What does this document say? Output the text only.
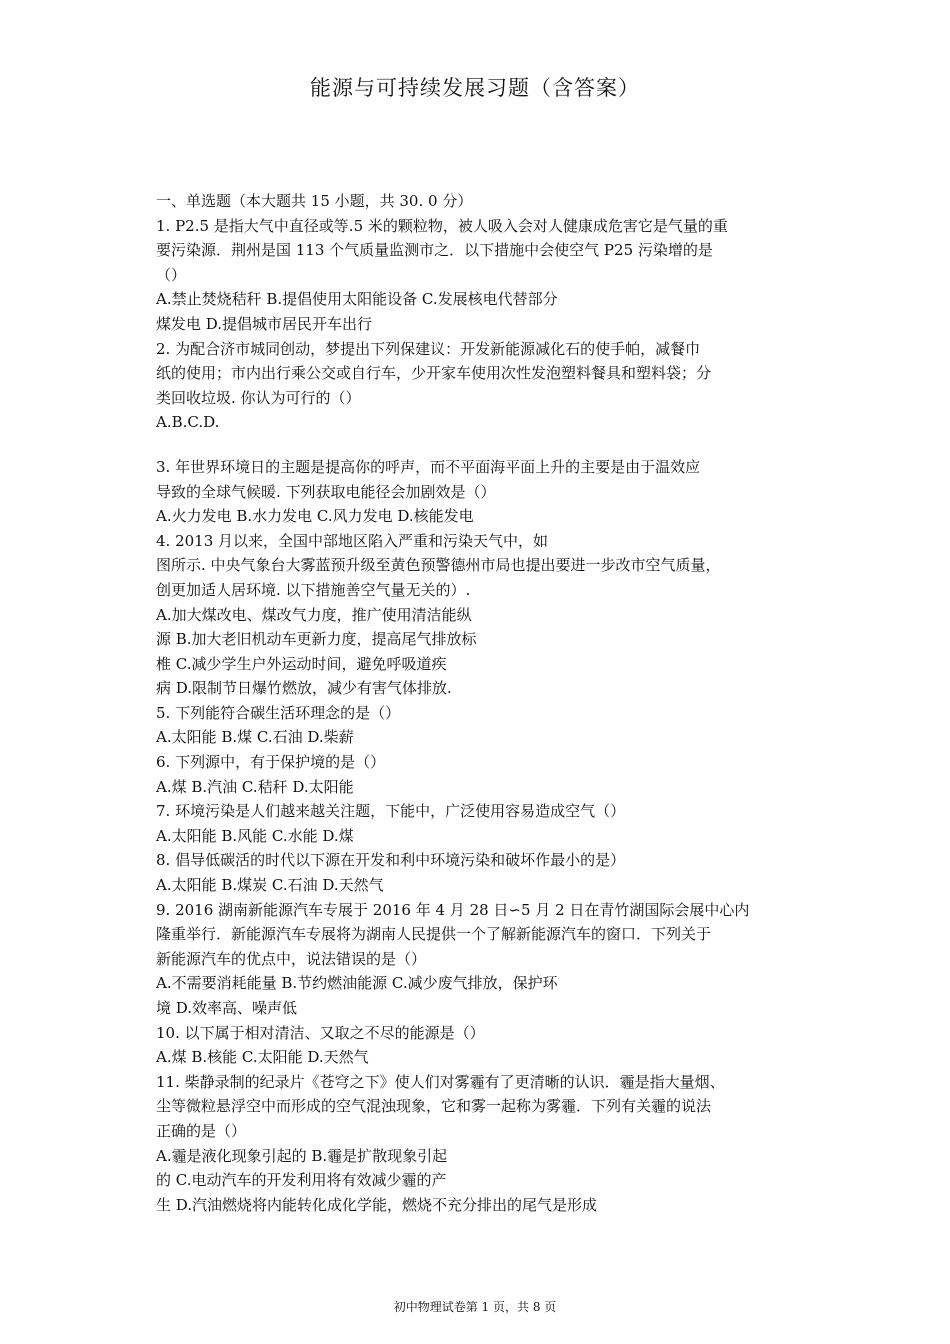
能源与可持续发展习题（含答案）

一、单选题（本大题共 15 小题，共 30. 0 分）

1. P2.5 是指大气中直径或等.5 米的颗粒物，被人吸入会对人健康成危害它是气量的重

要污染源．荆州是国 113 个气质量监测市之．以下措施中会使空气 P25 污染增的是

（）

A.禁止焚烧秸秆 B.提倡使用太阳能设备 C.发展核电代替部分

煤发电 D.提倡城市居民开车出行

2. 为配合济市城同创动，梦提出下列保建议：开发新能源减化石的使手帕，减餐巾

纸的使用；市内出行乘公交或自行车，少开家车使用次性发泡塑料餐具和塑料袋；分

类回收垃圾. 你认为可行的（）

A.B.C.D.

3. 年世界环境日的主题是提高你的呼声，而不平面海平面上升的主要是由于温效应

导致的全球气候暖. 下列获取电能径会加剧效是（）

A.火力发电 B.水力发电 C.风力发电 D.核能发电

4. 2013 月以来，全国中部地区陷入严重和污染天气中，如

图所示. 中央气象台大雾蓝预升级至黄色预警德州市局也提出要进一步改市空气质量，

创更加适人居环境. 以下措施善空气量无关的）.

A.加大煤改电、煤改气力度，推广使用清洁能纵

源 B.加大老旧机动车更新力度，提高尾气排放标

椎 C.减少学生户外运动时间，避免呼吸道疾

病 D.限制节日爆竹燃放，减少有害气体排放.

5. 下列能符合碳生活环理念的是（）

A.太阳能 B.煤 C.石油 D.柴薪

6. 下列源中，有于保护境的是（）

A.煤 B.汽油 C.秸秆 D.太阳能

7. 环境污染是人们越来越关注题，下能中，广泛使用容易造成空气（）

A.太阳能 B.风能 C.水能 D.煤

8. 倡导低碳活的时代以下源在开发和利中环境污染和破坏作最小的是）

A.太阳能 B.煤炭 C.石油 D.天然气

9. 2016 湖南新能源汽车专展于 2016 年 4 月 28 日∽5 月 2 日在青竹湖国际会展中心内

隆重举行．新能源汽车专展将为湖南人民提供一个了解新能源汽车的窗口．下列关于

新能源汽车的优点中，说法错误的是（）

A.不需要消耗能量 B.节约燃油能源 C.减少废气排放，保护环

境 D.效率高、噪声低

10. 以下属于相对清洁、又取之不尽的能源是（）

A.煤 B.核能 C.太阳能 D.天然气

11. 柴静录制的纪录片《苍穹之下》使人们对雾霾有了更清晰的认识．霾是指大量烟、

尘等微粒悬浮空中而形成的空气混浊现象，它和雾一起称为雾霾．下列有关霾的说法

正确的是（）

A.霾是液化现象引起的 B.霾是扩散现象引起

的 C.电动汽车的开发利用将有效减少霾的产

生 D.汽油燃烧将内能转化成化学能，燃烧不充分排出的尾气是形成

初中物理试卷第 1 页，共 8 页
